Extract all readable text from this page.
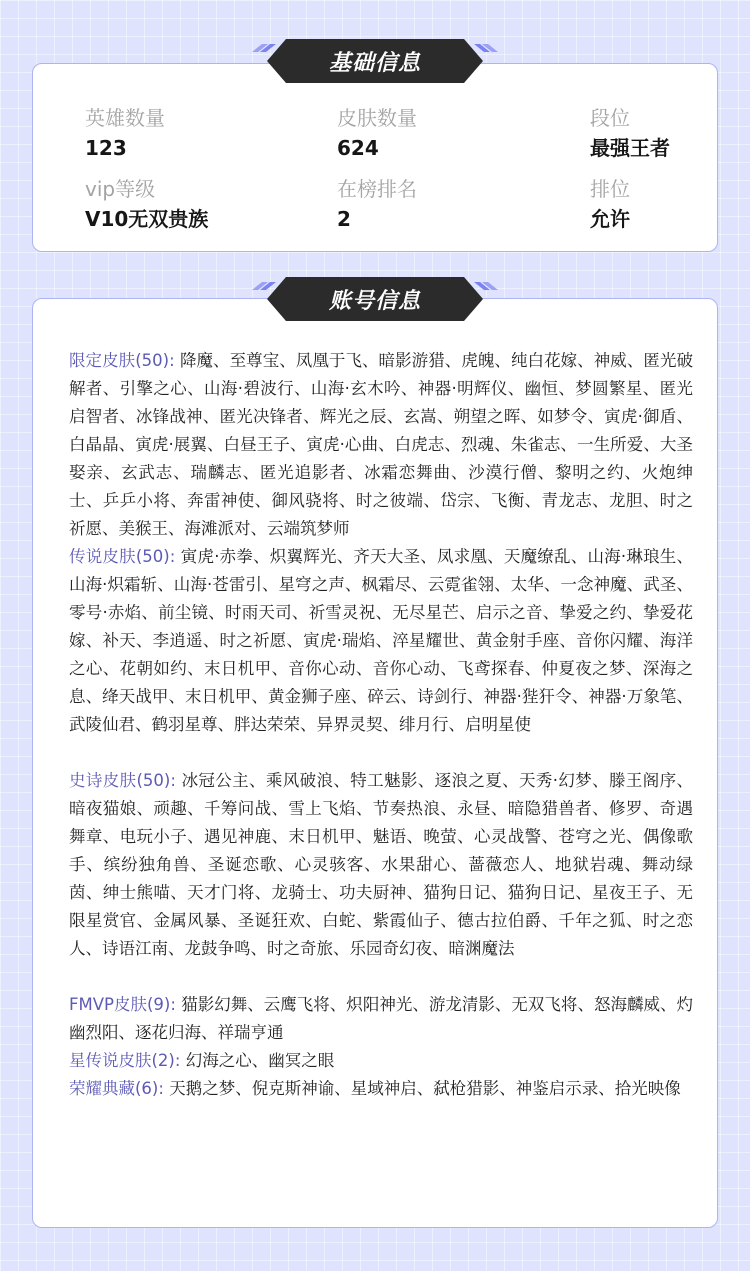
英雄数量
123
皮肤数量
624
段位
最强王者
vip等级
V10无双贵族
在榜排名
2
排位
允许
限定皮肤(50): 降魔、至尊宝、凤凰于飞、暗影游猎、虎魄、纯白花嫁、神威、匿光破解者、引擎之心、山海·碧波行、山海·玄木吟、神器·明辉仪、幽恒、梦圆繁星、匿光启智者、冰锋战神、匿光决锋者、辉光之辰、玄嵩、朔望之晖、如梦令、寅虎·御盾、白晶晶、寅虎·展翼、白昼王子、寅虎·心曲、白虎志、烈魂、朱雀志、一生所爱、大圣娶亲、玄武志、瑞麟志、匿光追影者、冰霜恋舞曲、沙漠行僧、黎明之约、火炮绅士、乒乒小将、奔雷神使、御风骁将、时之彼端、岱宗、飞衡、青龙志、龙胆、时之祈愿、美猴王、海滩派对、云端筑梦师
传说皮肤(50): 寅虎·赤拳、炽翼辉光、齐天大圣、凤求凰、天魔缭乱、山海·琳琅生、山海·炽霜斩、山海·苍雷引、星穹之声、枫霜尽、云霓雀翎、太华、一念神魔、武圣、零号·赤焰、前尘镜、时雨天司、祈雪灵祝、无尽星芒、启示之音、挚爱之约、挚爱花嫁、补天、李逍遥、时之祈愿、寅虎·瑞焰、淬星耀世、黄金射手座、音你闪耀、海洋之心、花朝如约、末日机甲、音你心动、音你心动、飞鸢探春、仲夏夜之梦、深海之息、绛天战甲、末日机甲、黄金狮子座、碎云、诗剑行、神器·狴犴令、神器·万象笔、武陵仙君、鹤羽星尊、胖达荣荣、异界灵契、绯月行、启明星使
史诗皮肤(50): 冰冠公主、乘风破浪、特工魅影、逐浪之夏、天秀·幻梦、滕王阁序、暗夜猫娘、顽趣、千筹问战、雪上飞焰、节奏热浪、永昼、暗隐猎兽者、修罗、奇遇舞章、电玩小子、遇见神鹿、末日机甲、魅语、晚萤、心灵战警、苍穹之光、偶像歌手、缤纷独角兽、圣诞恋歌、心灵骇客、水果甜心、蔷薇恋人、地狱岩魂、舞动绿茵、绅士熊喵、天才门将、龙骑士、功夫厨神、猫狗日记、猫狗日记、星夜王子、无限星赏官、金属风暴、圣诞狂欢、白蛇、紫霞仙子、德古拉伯爵、千年之狐、时之恋人、诗语江南、龙鼓争鸣、时之奇旅、乐园奇幻夜、暗渊魔法
FMVP皮肤(9): 猫影幻舞、云鹰飞将、炽阳神光、游龙清影、无双飞将、怒海麟威、灼幽烈阳、逐花归海、祥瑞亨通
星传说皮肤(2): 幻海之心、幽冥之眼
荣耀典藏(6): 天鹅之梦、倪克斯神谕、星域神启、弑枪猎影、神鉴启示录、拾光映像
基础信息
账号信息
